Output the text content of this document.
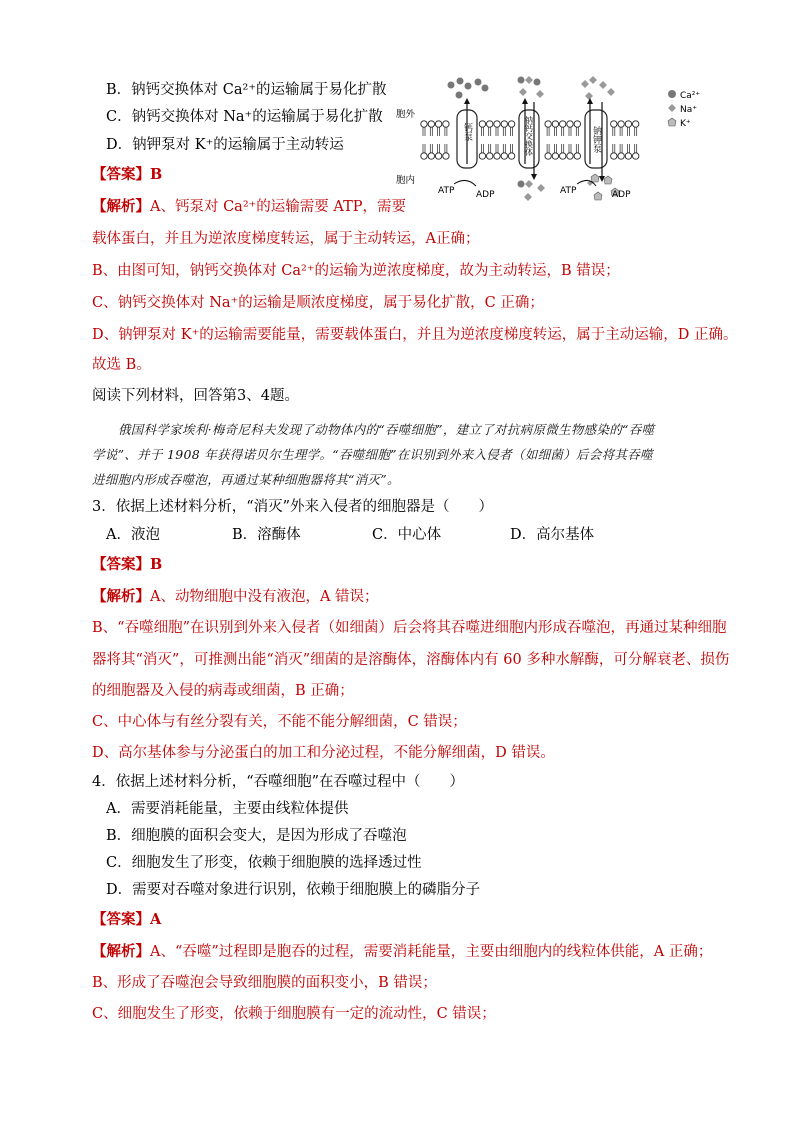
B．钠钙交换体对 Ca²⁺的运输属于易化扩散
C．钠钙交换体对 Na⁺的运输属于易化扩散
D．钠钾泵对 K⁺的运输属于主动转运
【答案】B
【解析】A、钙泵对 Ca²⁺的运输需要 ATP，需要
载体蛋白，并且为逆浓度梯度转运，属于主动转运，A正确；
B、由图可知，钠钙交换体对 Ca²⁺的运输为逆浓度梯度，故为主动转运，B 错误；
C、钠钙交换体对 Na⁺的运输是顺浓度梯度，属于易化扩散，C 正确；
D、钠钾泵对 K⁺的运输需要能量，需要载体蛋白，并且为逆浓度梯度转运，属于主动运输，D 正确。
故选 B。
钙泵	钠钙交换体	钠钾泵
胞外
胞内
ATP ADP	ATP	ADP
Ca²⁺
Na⁺
K⁺
阅读下列材料，回答第3、4题。
俄国科学家埃利·梅奇尼科夫发现了动物体内的“吞噬细胞”，建立了对抗病原微生物感染的“吞噬
学说”、并于 1908 年获得诺贝尔生理学。“吞噬细胞”在识别到外来入侵者（如细菌）后会将其吞噬
进细胞内形成吞噬泡，再通过某种细胞器将其“消灭”。
3．依据上述材料分析，“消灭”外来入侵者的细胞器是（　　）
A．液泡	B．溶酶体	C．中心体	D．高尔基体
【答案】B
【解析】A、动物细胞中没有液泡，A 错误；
B、“吞噬细胞”在识别到外来入侵者（如细菌）后会将其吞噬进细胞内形成吞噬泡，再通过某种细胞
器将其“消灭”，可推测出能“消灭”细菌的是溶酶体，溶酶体内有 60 多种水解酶，可分解衰老、损伤
的细胞器及入侵的病毒或细菌，B 正确；
C、中心体与有丝分裂有关，不能不能分解细菌，C 错误；
D、高尔基体参与分泌蛋白的加工和分泌过程，不能分解细菌，D 错误。
4．依据上述材料分析，“吞噬细胞”在吞噬过程中（　　）
A．需要消耗能量，主要由线粒体提供
B．细胞膜的面积会变大，是因为形成了吞噬泡
C．细胞发生了形变，依赖于细胞膜的选择透过性
D．需要对吞噬对象进行识别，依赖于细胞膜上的磷脂分子
【答案】A
【解析】A、“吞噬”过程即是胞吞的过程，需要消耗能量，主要由细胞内的线粒体供能，A 正确；
B、形成了吞噬泡会导致细胞膜的面积变小，B 错误；
C、细胞发生了形变，依赖于细胞膜有一定的流动性，C 错误；
